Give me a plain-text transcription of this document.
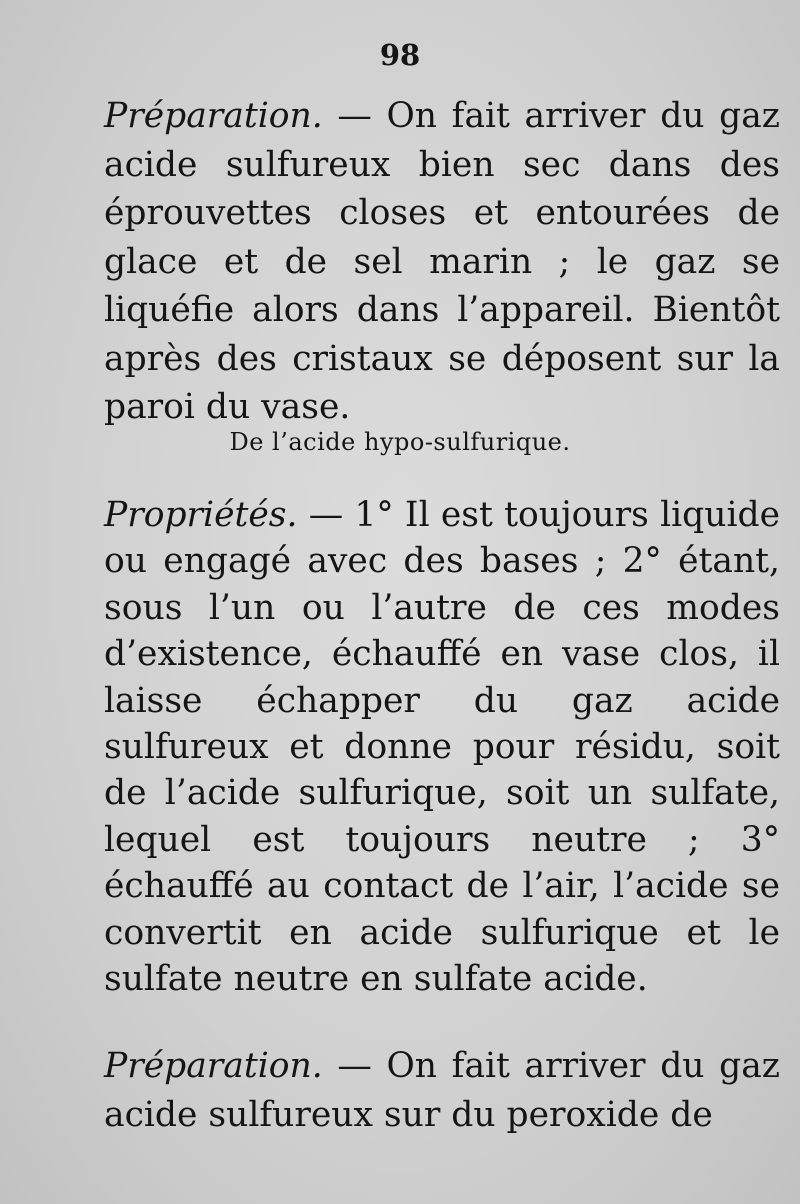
98

Préparation. — On fait arriver du gaz acide sulfureux bien sec dans des éprouvettes closes et entourées de glace et de sel marin ; le gaz se liquéfie alors dans l’appareil. Bientôt après des cristaux se déposent sur la paroi du vase.

De l’acide hypo-sulfurique.

Propriétés. — 1° Il est toujours liquide ou engagé avec des bases ; 2° étant, sous l’un ou l’autre de ces modes d’existence, échauffé en vase clos, il laisse échapper du gaz acide sulfureux et donne pour résidu, soit de l’acide sulfurique, soit un sulfate, lequel est toujours neutre ; 3° échauffé au contact de l’air, l’acide se convertit en acide sulfurique et le sulfate neutre en sulfate acide.

Préparation. — On fait arriver du gaz acide sulfureux sur du peroxide de
